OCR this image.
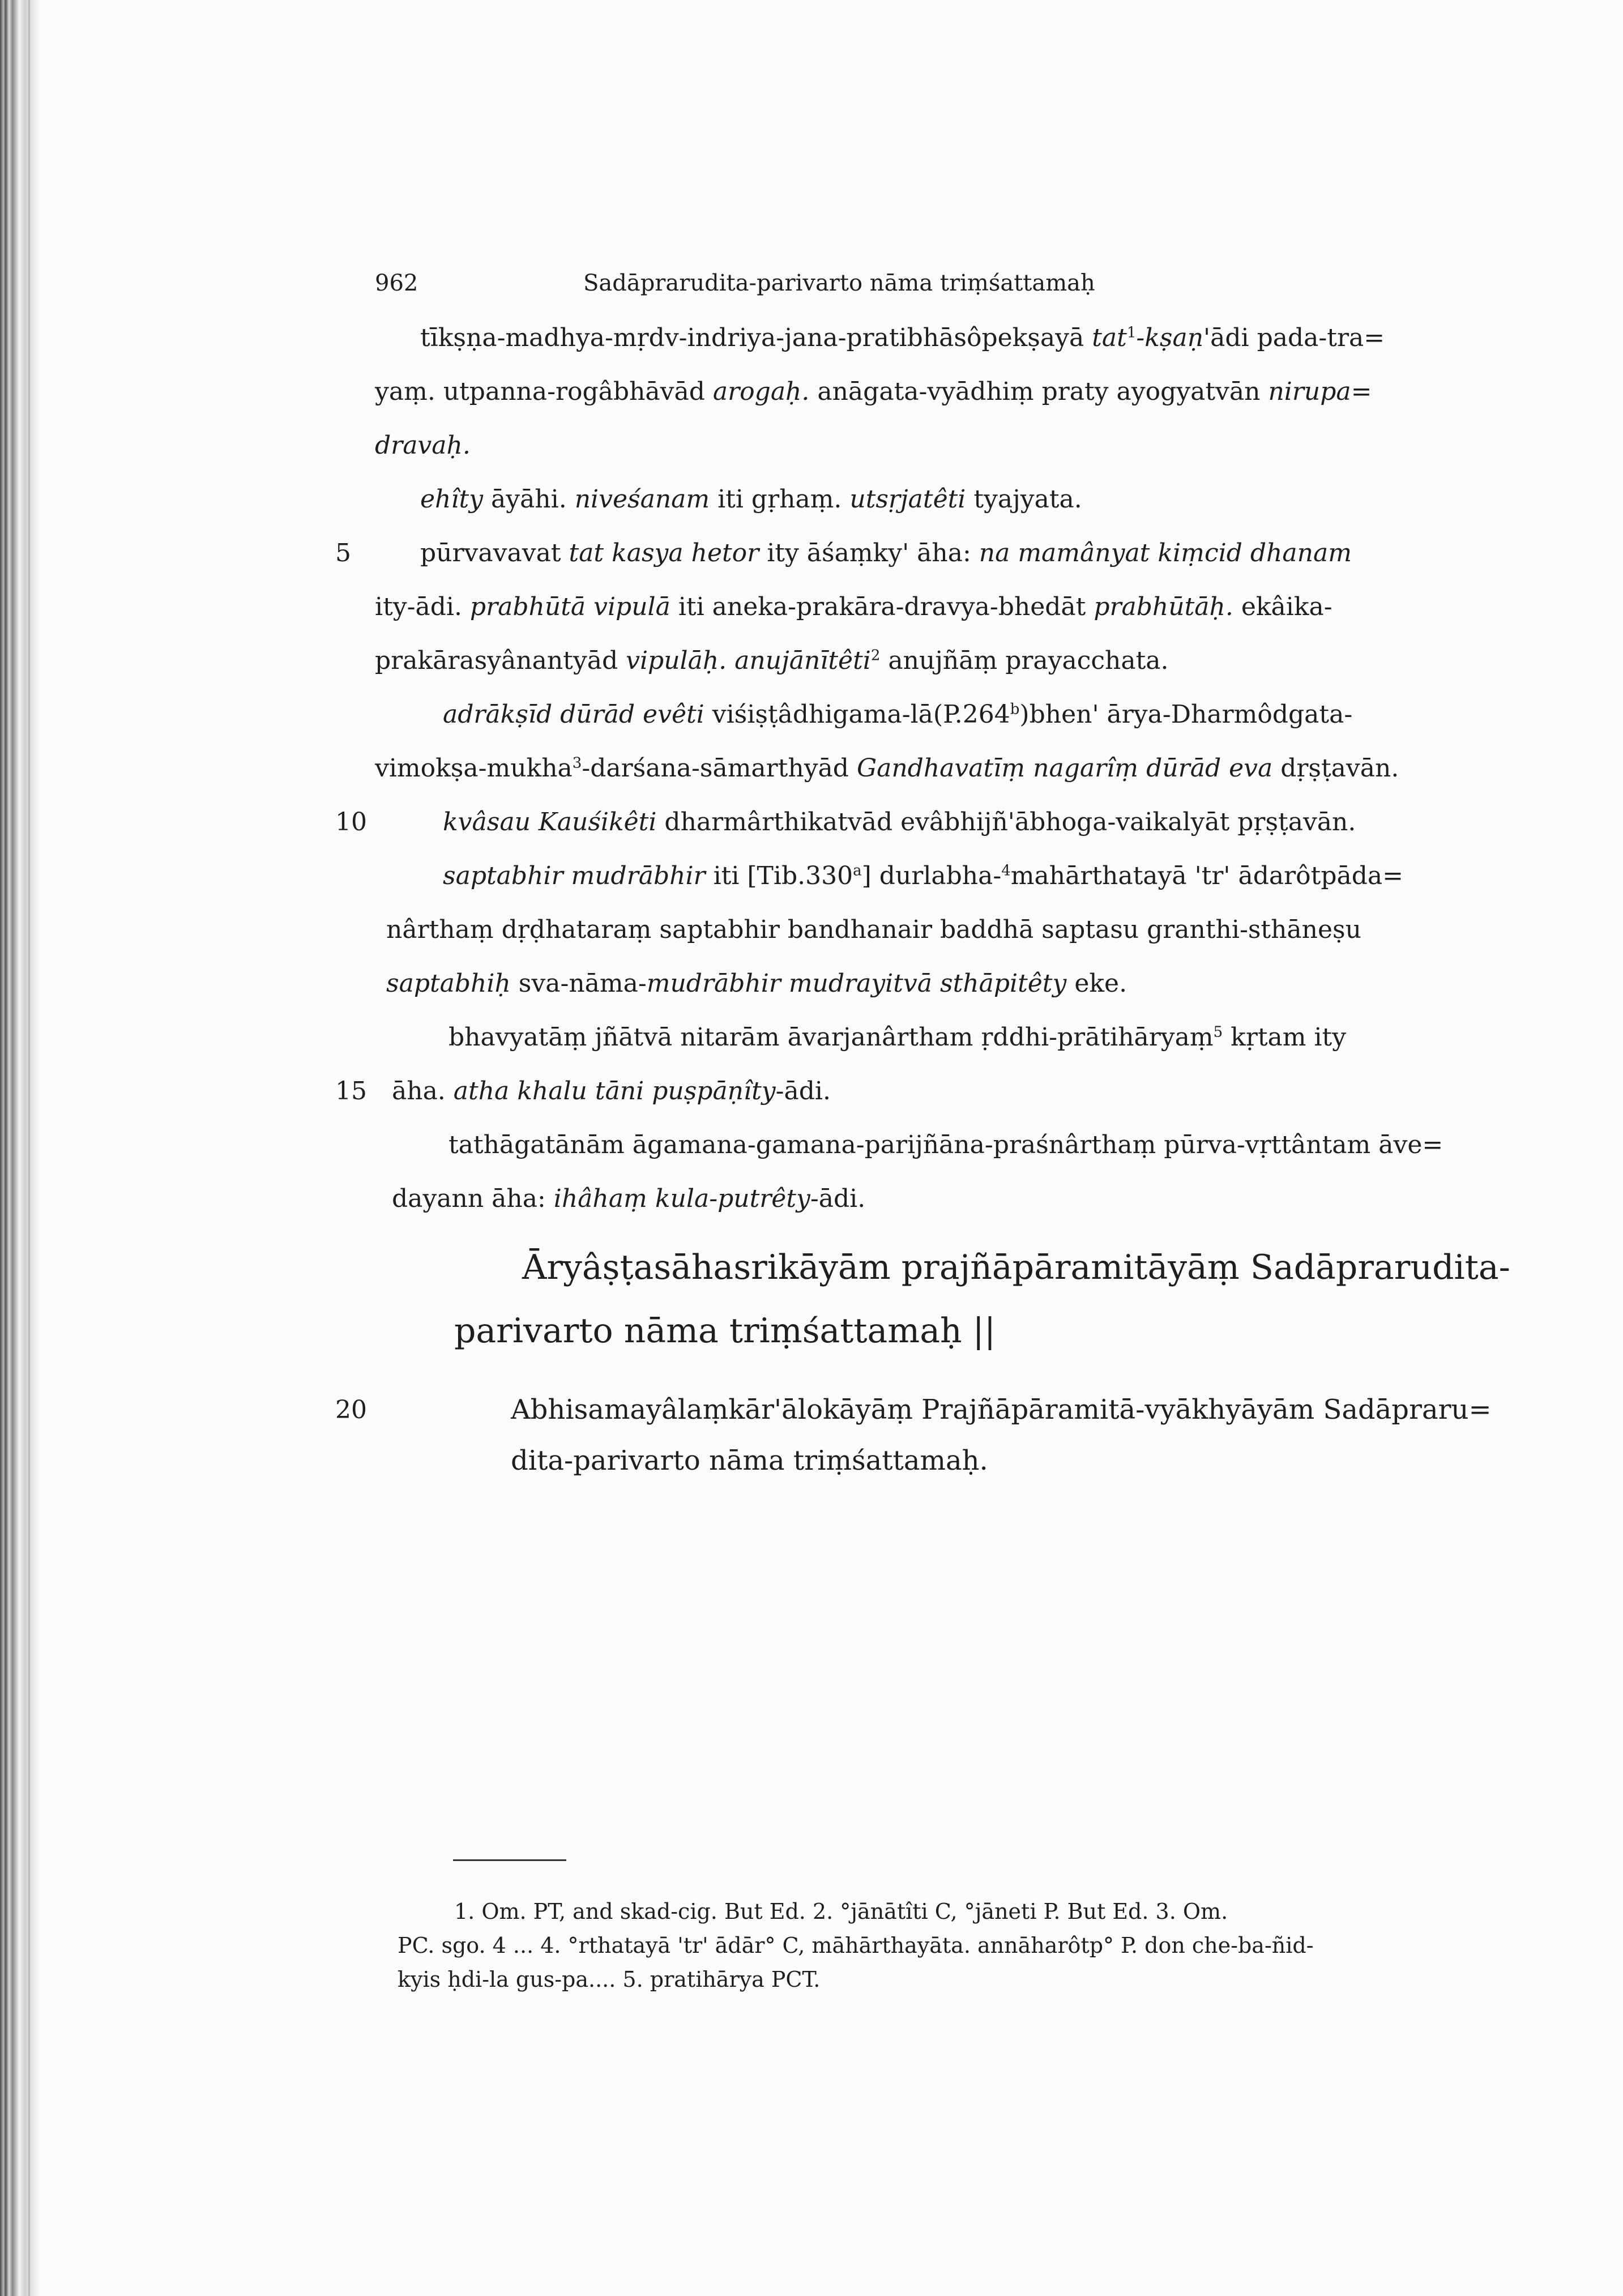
962	Sadāprarudita-parivarto nāma triṃśattamaḥ
tīkṣṇa-madhya-mṛdv-indriya-jana-pratibhāsôpekṣayā tat$^1$-kṣaṇ'ādi pada-tra=
yaṃ. utpanna-rogâbhāvād arogaḥ. anāgata-vyādhiṃ praty ayogyatvān nirupa=
dravaḥ.
ehîty āyāhi. niveśanam iti gṛhaṃ. utsṛjatêti tyajyata.
5	pūrvavavat tat kasya hetor ity āśaṃky' āha: na mamânyat kiṃcid dhanam
ity-ādi. prabhūtā vipulā iti aneka-prakāra-dravya-bhedāt prabhūtāḥ. ekâika-
prakārasyânantyād vipulāḥ. anujānītêti$^2$ anujñāṃ prayacchata.
adrākṣīd dūrād evêti viśiṣṭâdhigama-lā(P.264$^b$)bhen' ārya-Dharmôdgata-
vimokṣa-mukha$^3$-darśana-sāmarthyād Gandhavatīṃ nagarîṃ dūrād eva dṛṣṭavān.
10	kvâsau Kauśikêti dharmârthikatvād evâbhijñ'ābhoga-vaikalyāt pṛṣṭavān.
saptabhir mudrābhir iti [Tib.330$^a$] durlabha-$^4$mahārthatayā 'tr' ādarôtpāda=
nârthaṃ dṛḍhataraṃ saptabhir bandhanair baddhā saptasu granthi-sthāneṣu
saptabhiḥ sva-nāma-mudrābhir mudrayitvā sthāpitêty eke.
bhavyatāṃ jñātvā nitarām āvarjanârtham ṛddhi-prātihāryaṃ$^5$ kṛtam ity
15 āha. atha khalu tāni puṣpāṇîty-ādi.
tathāgatānām āgamana-gamana-parijñāna-praśnârthaṃ pūrva-vṛttântam āve=
dayann āha: ihâhaṃ kula-putrêty-ādi.
Āryâṣṭasāhasrikāyām prajñāpāramitāyāṃ Sadāprarudita-
parivarto nāma triṃśattamaḥ ||
20	Abhisamayâlaṃkār'ālokāyāṃ Prajñāpāramitā-vyākhyāyām Sadāpraru=
dita-parivarto nāma triṃśattamaḥ.
1. Om. PT, and skad-cig. But Ed. 2. °jānātîti C, °jāneti P. But Ed. 3. Om.
PC. sgo. 4 ... 4. °rthatayā 'tr' ādār° C, māhārthayāta. annāharôtp° P. don che-ba-ñid-
kyis ḥdi-la gus-pa.... 5. pratihārya PCT.
